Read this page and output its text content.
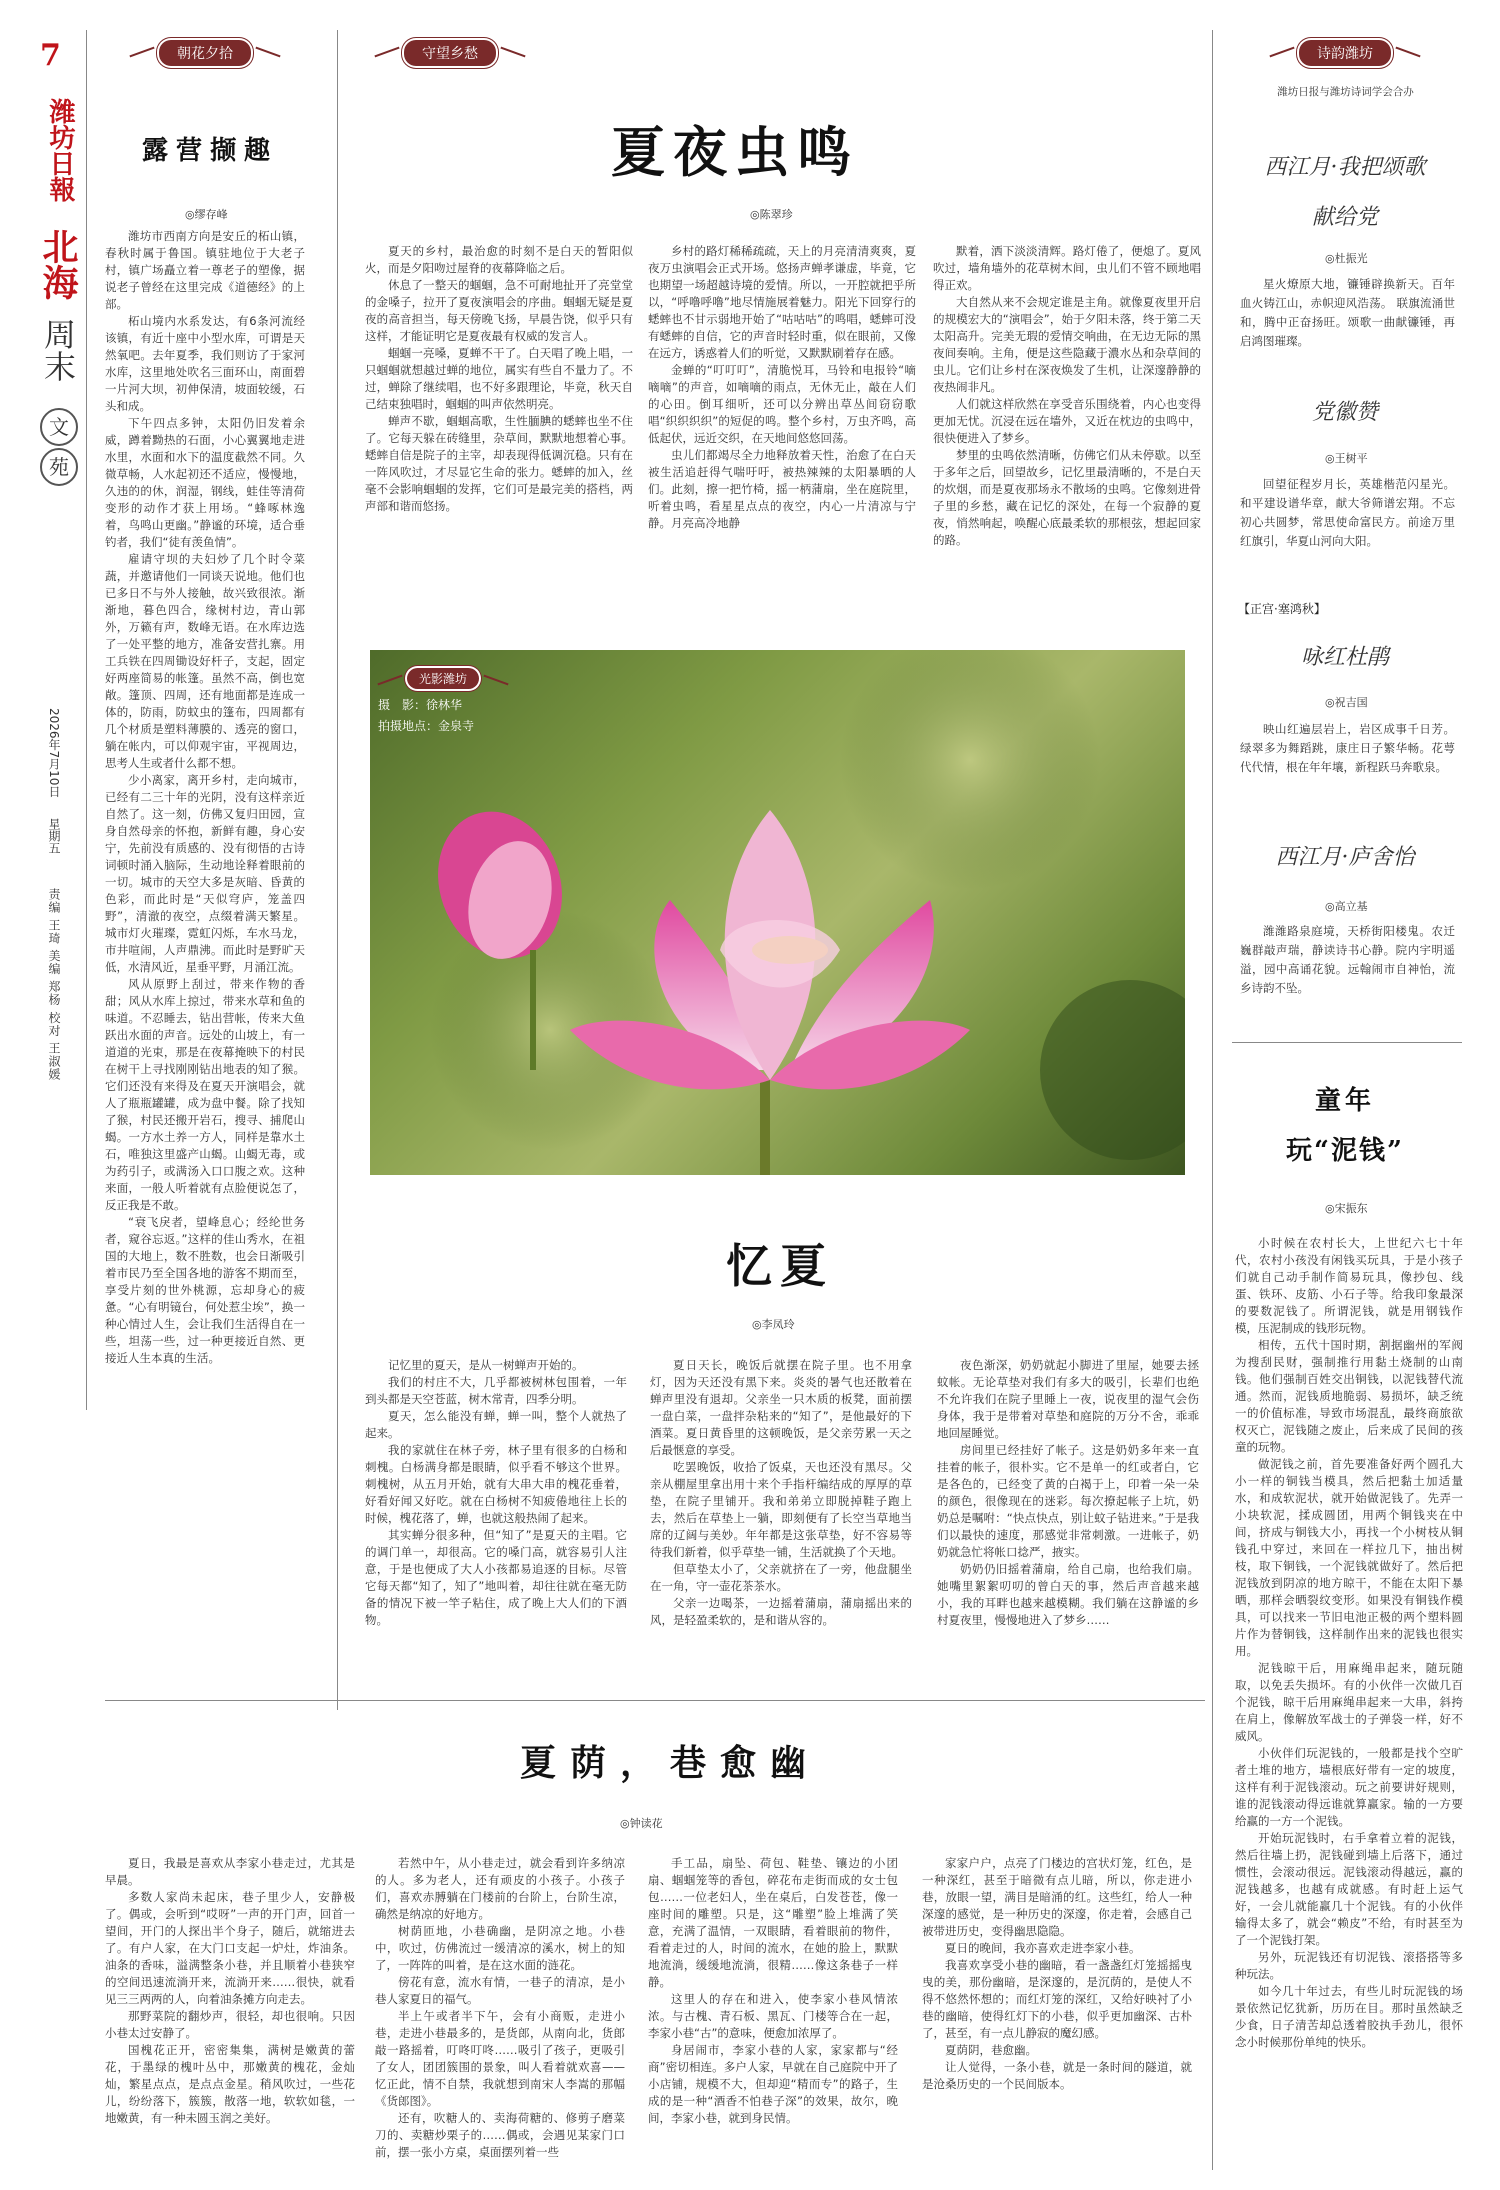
7
潍坊日報
北海
周末
文
苑
2026年7月10日
星期五
责编 王琦 美编 郑杨 校对 王淑媛
朝花夕拾
露营撷趣
◎缪存峰

潍坊市西南方向是安丘的柘山镇，春秋时属于鲁国。镇驻地位于大老子村，镇广场矗立着一尊老子的塑像，据说老子曾经在这里完成《道德经》的上部。

柘山境内水系发达，有6条河流经该镇，有近十座中小型水库，可谓是天然氧吧。去年夏季，我们则访了于家河水库，这里地处吹名三面环山，南面碧一片河大坝，初伸保清，坡面较缓，石头和成。

下午四点多钟，太阳仍旧发着余威，蹲着黝热的石面，小心翼翼地走进水里，水面和水下的温度截然不同。久微草畅，人水起初还不适应，慢慢地，久违的的休，润湿，钢线，蛙佳等清荷变形的动作才获上用场。“蜂啄林逸着，鸟鸣山更幽。”静谧的环境，适合垂钓者，我们“徒有羡鱼情”。

雇请守坝的夫妇炒了几个时令菜蔬，并邀请他们一同谈天说地。他们也已多日不与外人接触，故兴致很浓。渐渐地，暮色四合，缘树村边，青山郭外，万籁有声，数峰无语。在水库边选了一处平整的地方，准备安营扎寨。用工兵铁在四周锄设好杆子，支起，固定好两座简易的帐篷。虽然不高，倒也宽敞。篷顶、四周，还有地面都是连成一体的，防雨，防蚊虫的篷布，四周都有几个材质是塑料薄膜的、透亮的窗口，躺在帐内，可以仰观宇宙，平视周边，思考人生或者什么都不想。

少小离家，离开乡村，走向城市，已经有二三十年的光阴，没有这样亲近自然了。这一刻，仿佛又复归田园，宣身自然母亲的怀抱，新鲜有趣，身心安宁，先前没有质感的、没有彻悟的古诗词顿时涌入脑际，生动地诠释着眼前的一切。城市的天空大多是灰暗、昏黄的色彩，而此时是“天似穹庐，笼盖四野”，清澈的夜空，点缀着满天繁星。城市灯火璀璨，霓虹闪烁，车水马龙，市井喧闹，人声鼎沸。而此时是野旷天低，水清风近，星垂平野，月涌江流。

风从原野上刮过，带来作物的香甜；风从水库上掠过，带来水草和鱼的味道。不忍睡去，钻出营帐，传来大鱼跃出水面的声音。远处的山坡上，有一道道的光束，那是在夜幕掩映下的村民在树干上寻找刚刚钻出地表的知了猴。它们还没有来得及在夏天开演唱会，就人了瓶瓶罐罐，成为盘中餐。除了找知了猴，村民还搬开岩石，搜寻、捕爬山蝎。一方水土养一方人，同样是靠水土石，唯独这里盛产山蝎。山蝎无毒，或为药引子，或满汤入口口腹之欢。这种来面，一般人听着就有点脸便说怎了，反正我是不敢。

“衰飞戾者，望峰息心；经纶世务者，窥谷忘返。”这样的佳山秀水，在祖国的大地上，数不胜数，也会日渐吸引着市民乃至全国各地的游客不期而至，享受片刻的世外桃源，忘却身心的疲惫。“心有明镜台，何处惹尘埃”，换一种心情过人生，会让我们生活得自在一些，坦荡一些，过一种更接近自然、更接近人生本真的生活。

守望乡愁
夏夜虫鸣
◎陈翠珍

夏天的乡村，最治愈的时刻不是白天的暂阳似火，而是夕阳吻过屋脊的夜幕降临之后。

休息了一整天的蝈蝈，急不可耐地扯开了亮堂堂的金嗓子，拉开了夏夜演唱会的序曲。蝈蝈无疑是夏夜的高音担当，每天傍晚飞扬，早晨告饶，似乎只有这样，才能证明它是夏夜最有权威的发言人。

蝈蝈一亮嗓，夏蝉不干了。白天唱了晚上唱，一只蝈蝈就想越过蝉的地位，属实有些自不量力了。不过，蝉除了继续唱，也不好多跟理论，毕竟，秋天自己结束独唱时，蝈蝈的叫声依然明亮。

蝉声不歇，蝈蝈高歌，生性腼腆的蟋蟀也坐不住了。它每天躲在砖缝里，杂草间，默默地想着心事。蟋蟀自信是院子的主宰，却表现得低调沉稳。只有在一阵风吹过，才尽显它生命的张力。蟋蟀的加入，丝毫不会影响蝈蝈的发挥，它们可是最完美的搭档，两声部和谐而悠扬。

乡村的路灯稀稀疏疏，天上的月亮清清爽爽，夏夜万虫演唱会正式开场。悠扬声蝉孝谦虚，毕竟，它也期望一场超越诗境的爱情。所以，一开腔就把乎所以，“呼噜呼噜”地尽情施展着魅力。阳光下回穿行的蟋蟀也不甘示弱地开始了“咕咕咕”的鸣唱，蟋蟀可没有蟋蟀的自信，它的声音时轻时重，似在眼前，又像在远方，诱惑着人们的听觉，又默默刷着存在感。

金蝉的“叮叮叮”，清脆悦耳，马铃和电报铃“嘀嘀嘀”的声音，如嘀嘀的雨点，无休无止，敲在人们的心田。倒耳细听，还可以分辨出草丛间窃窃歌唱“织织织织”的短促的鸣。整个乡村，万虫齐鸣，高低起伏，远近交织，在天地间悠悠回荡。

虫儿们都竭尽全力地释放着天性，治愈了在白天被生活追赶得气喘吁吁，被热辣辣的太阳暴晒的人们。此刻，擦一把竹椅，摇一柄蒲扇，坐在庭院里，听着虫鸣，看星星点点的夜空，内心一片清凉与宁静。月亮高冷地静

默着，洒下淡淡清辉。路灯倦了，便熄了。夏风吹过，墙角墙外的花草树木间，虫儿们不管不顾地唱得正欢。

大自然从来不会规定谁是主角。就像夏夜里开启的规模宏大的“演唱会”，始于夕阳未落，终于第二天太阳高升。完美无瑕的爱情交响曲，在无边无际的黑夜间奏响。主角，便是这些隐藏于濃水丛和杂草间的虫儿。它们让乡村在深夜焕发了生机，让深邃静静的夜热闹非凡。

人们就这样欣然在享受音乐围绕着，内心也变得更加无忧。沉浸在远在墙外，又近在枕边的虫鸣中，很快便进入了梦乡。

梦里的虫鸣依然清晰，仿佛它们从未停歇。以至于多年之后，回望故乡，记忆里最清晰的，不是白天的炊烟，而是夏夜那场永不散场的虫鸣。它像刻进骨子里的乡愁，藏在记忆的深处，在每一个寂静的夏夜，悄然响起，唤醒心底最柔软的那根弦，想起回家的路。

光影潍坊
摄　影：徐林华
拍摄地点：金泉寺
忆夏
◎李凤玲

记忆里的夏天，是从一树蝉声开始的。

我们的村庄不大，几乎都被树林包围着，一年到头都是天空苍蓝，树木常青，四季分明。

夏天，怎么能没有蝉，蝉一叫，整个人就热了起来。

我的家就住在林子旁，林子里有很多的白杨和刺槐。白杨满身都是眼睛，似乎看不够这个世界。刺槐树，从五月开始，就有大串大串的槐花垂着，好看好闻又好吃。就在白杨树不知疲倦地往上长的时候，槐花落了，蝉，也就这般热闹了起来。

其实蝉分很多种，但“知了”是夏天的主唱。它的调门单一，却很高。它的嗓门高，就容易引人注意，于是也便成了大人小孩都易追逐的目标。尽管它每天都“知了，知了”地叫着，却往往就在毫无防备的情况下被一竿子粘住，成了晚上大人们的下酒物。

夏日天长，晚饭后就摆在院子里。也不用拿灯，因为天还没有黑下来。炎炎的暑气也还散着在蝉声里没有退却。父亲坐一只木质的板凳，面前摆一盘白菜，一盘拌杂粘来的“知了”，是他最好的下酒菜。夏日黄昏里的这顿晚饭，是父亲劳累一天之后最惬意的享受。

吃罢晚饭，收拾了饭桌，天也还没有黑尽。父亲从棚屋里拿出用十来个手指杆编结成的厚厚的草垫，在院子里铺开。我和弟弟立即脱掉鞋子跑上去，然后在草垫上一躺，即刻便有了长空当草地当席的辽阔与美妙。年年都是这张草垫，好不容易等待我们新着，似乎草垫一铺，生活就换了个天地。

但草垫太小了，父亲就挤在了一旁，他盘腿坐在一角，守一壶花茶茶水。

父亲一边喝茶，一边摇着蒲扇，蒲扇摇出来的风，是轻盈柔软的，是和谐从容的。

夜色渐深，奶奶就起小脚进了里屋，她要去拯蚊帐。无论草垫对我们有多大的吸引，长辈们也绝不允许我们在院子里睡上一夜，说夜里的湿气会伤身体，我于是带着对草垫和庭院的万分不舍，乖乖地回屋睡觉。

房间里已经挂好了帐子。这是奶奶多年来一直挂着的帐子，很朴实。它不是单一的红或者白，它是各色的，已经变了黄的白褐于上，印着一朵一朵的颜色，很像现在的迷彩。每次撩起帐子上坑，奶奶总是嘱咐：“快点快点，别让蚊子钻进来。”于是我们以最快的速度，那感觉非常刺激。一进帐子，奶奶就急忙将帐口捻严，掖实。

奶奶仍旧摇着蒲扇，给自己扇，也给我们扇。她嘴里絮絮叨叨的曾白天的事，然后声音越来越小，我的耳畔也越来越模糊。我们躺在这静谧的乡村夏夜里，慢慢地进入了梦乡……

夏荫，巷愈幽
◎钟读花

夏日，我最是喜欢从李家小巷走过，尤其是早晨。

多数人家尚未起床，巷子里少人，安静极了。偶或，会听到“哎呀”一声的开门声，回首一望间，开门的人探出半个身子，随后，就缩进去了。有户人家，在大门口支起一炉灶，炸油条。油条的香味，溢满整条小巷，并且顺着小巷狭窄的空间迅速流淌开来，流淌开来……很快，就看见三三两两的人，向着油条摊方向走去。

那野菜院的翻炒声，很轻，却也很响。只因小巷太过安静了。

国槐花正开，密密集集，满树是嫩黄的蕾花，于墨绿的槐叶丛中，那嫩黄的槐花，金灿灿，繁星点点，是点点金星。稍风吹过，一些花儿，纷纷落下，簇簇，散落一地，软软如毯，一地嫩黄，有一种未圆玉润之美好。

若然中午，从小巷走过，就会看到许多纳凉的人。多为老人，还有顽皮的小孩子。小孩子们，喜欢赤膊躺在门楼前的台阶上，台阶生凉，确然是纳凉的好地方。

树荫匝地，小巷确幽，是阴凉之地。小巷中，吹过，仿佛流过一缓清凉的溪水，树上的知了，一阵阵的叫着，是在这水面的涟花。

傍花有意，流水有情，一巷子的清凉，是小巷人家夏日的福气。

半上午或者半下午，会有小商贩，走进小巷，走进小巷最多的，是货郎，从南向北，货郎敲一路摇着，叮咚叮咚……吸引了孩子，更吸引了女人，团团簇围的景象，叫人看着就欢喜——忆正此，情不自禁，我就想到南宋人李嵩的那幅《货郎图》。

还有，吹糖人的、卖海荷糖的、修剪子磨菜刀的、卖糖炒栗子的……偶或，会遇见某家门口前，摆一张小方桌，桌面摆列着一些

手工品，扇坠、荷包、鞋垫、镶边的小团扇、蝈蝈笼等的香包，碎花布走街而成的女士包包……一位老妇人，坐在桌后，白发苍苍，像一座时间的雕塑。只是，这“雕塑”脸上堆满了笑意，充满了温情，一双眼睛，看着眼前的物件，看着走过的人，时间的流水，在她的脸上，默默地流淌，缓缓地流淌，很精……像这条巷子一样静。

这里人的存在和进入，使李家小巷风情浓浓。与古槐、青石板、黑瓦、门楼等合在一起，李家小巷“古”的意味，便愈加浓厚了。

身居闹市，李家小巷的人家，家家都与“经商”密切相连。多户人家，早就在自己庭院中开了小店铺，规模不大，但却迎“精而专”的路子，生成的是一种“酒香不怕巷子深”的效果，故尔，晚间，李家小巷，就到身民情。

家家户户，点亮了门楼边的宫状灯笼，红色，是一种深红，甚至于暗微有点儿暗，所以，你走进小巷，放眼一望，满目是暗涌的红。这些红，给人一种深邃的感觉，是一种历史的深邃，你走着，会感自己被带进历史，变得幽思隐隐。

夏日的晚间，我亦喜欢走进李家小巷。

我喜欢享受小巷的幽暗，看一盏盏红灯笼摇摇曳曳的美，那份幽暗，是深邃的，是沉荫的，是使人不得不悠然怀想的；而红灯笼的深红，又给好映衬了小巷的幽暗，使得红灯下的小巷，似乎更加幽深、古朴了，甚至，有一点儿静寂的魔幻感。

夏荫阴，巷愈幽。

让人觉得，一条小巷，就是一条时间的隧道，就是沧桑历史的一个民间版本。

诗韵潍坊
潍坊日报与潍坊诗词学会合办
西江月·我把颂歌
献给党
◎杜振光

星火燎原大地，镰锤辟换新天。百年血火铸江山，赤帜迎风浩荡。 联旗流涌世和，腾中正奋扬旺。颂歌一曲献镰锤，再启鸿图璀璨。

党徽赞
◎王树平

回望征程岁月长，英雄楷范闪星光。和平建设谱华章，献大爷筛谱宏翔。不忘初心共圆梦，常思使命富民方。前途万里红旗引，华夏山河向大阳。

【正宫·塞鸿秋】
咏红杜鹃
◎祝吉国

映山红遍层岩上，岩区成事千日芳。绿翠多为舞蹈跳，康庄日子繁华畅。花萼代代情，根在年年壤，新程跃马奔歌泉。

西江月·庐舍怡
◎高立基

潍潍路泉庭境，天桥街阳楼鬼。农迁巍群敲声瑞，静读诗书心静。院内宇明遥溢，园中高诵花貌。远翰闹市自神怡，流乡诗韵不坠。

童年
玩“泥钱”
◎宋振东

小时候在农村长大，上世纪六七十年代，农村小孩没有闲钱买玩具，于是小孩子们就自己动手制作简易玩具，像抄包、线蛋、铁环、皮筋、小石子等。给我印象最深的要数泥钱了。所谓泥钱，就是用钢钱作模，压泥制成的钱形玩物。

相传，五代十国时期，割据幽州的军阀为搜刮民财，强制推行用黏土烧制的山南钱。他们强制百姓交出铜钱，以泥钱替代流通。然而，泥钱质地脆弱、易损坏，缺乏统一的价值标准，导致市场混乱，最终商旅欲权灭亡，泥钱随之废止，后来成了民间的孩童的玩物。

做泥钱之前，首先要准备好两个圆孔大小一样的铜钱当模具，然后把黏土加适量水，和成软泥状，就开始做泥钱了。先弄一小块软泥，揉成圆团，用两个铜钱夹在中间，挤成与铜钱大小，再找一个小树枝从铜钱孔中穿过，来回在一样拉几下，抽出树枝，取下铜钱，一个泥钱就做好了。然后把泥钱放到阴凉的地方晾干，不能在太阳下暴晒，那样会晒裂纹变形。如果没有铜钱作模具，可以找来一节旧电池正极的两个塑料圆片作为替铜钱，这样制作出来的泥钱也很实用。

泥钱晾干后，用麻绳串起来，随玩随取，以免丢失损坏。有的小伙伴一次做几百个泥钱，晾干后用麻绳串起来一大串，斜挎在肩上，像解放军战士的子弹袋一样，好不威风。

小伙伴们玩泥钱的，一般都是找个空旷者土堆的地方，墙根底好带有一定的坡度，这样有利于泥钱滚动。玩之前要讲好规则，谁的泥钱滚动得远谁就算赢家。输的一方要给赢的一方一个泥钱。

开始玩泥钱时，右手拿着立着的泥钱，然后往墙上扔，泥钱碰到墙上后落下，通过惯性，会滚动很远。泥钱滚动得越远，赢的泥钱越多，也越有成就感。有时赶上运气好，一会儿就能赢几十个泥钱。有的小伙伴输得太多了，就会“赖皮”不给，有时甚至为了一个泥钱打架。

另外，玩泥钱还有切泥钱、滚搭搭等多种玩法。

如今几十年过去，有些儿时玩泥钱的场景依然记忆犹新，历历在目。那时虽然缺乏少食，日子清苦却总透着胶执手劲儿，很怀念小时候那份单纯的快乐。
